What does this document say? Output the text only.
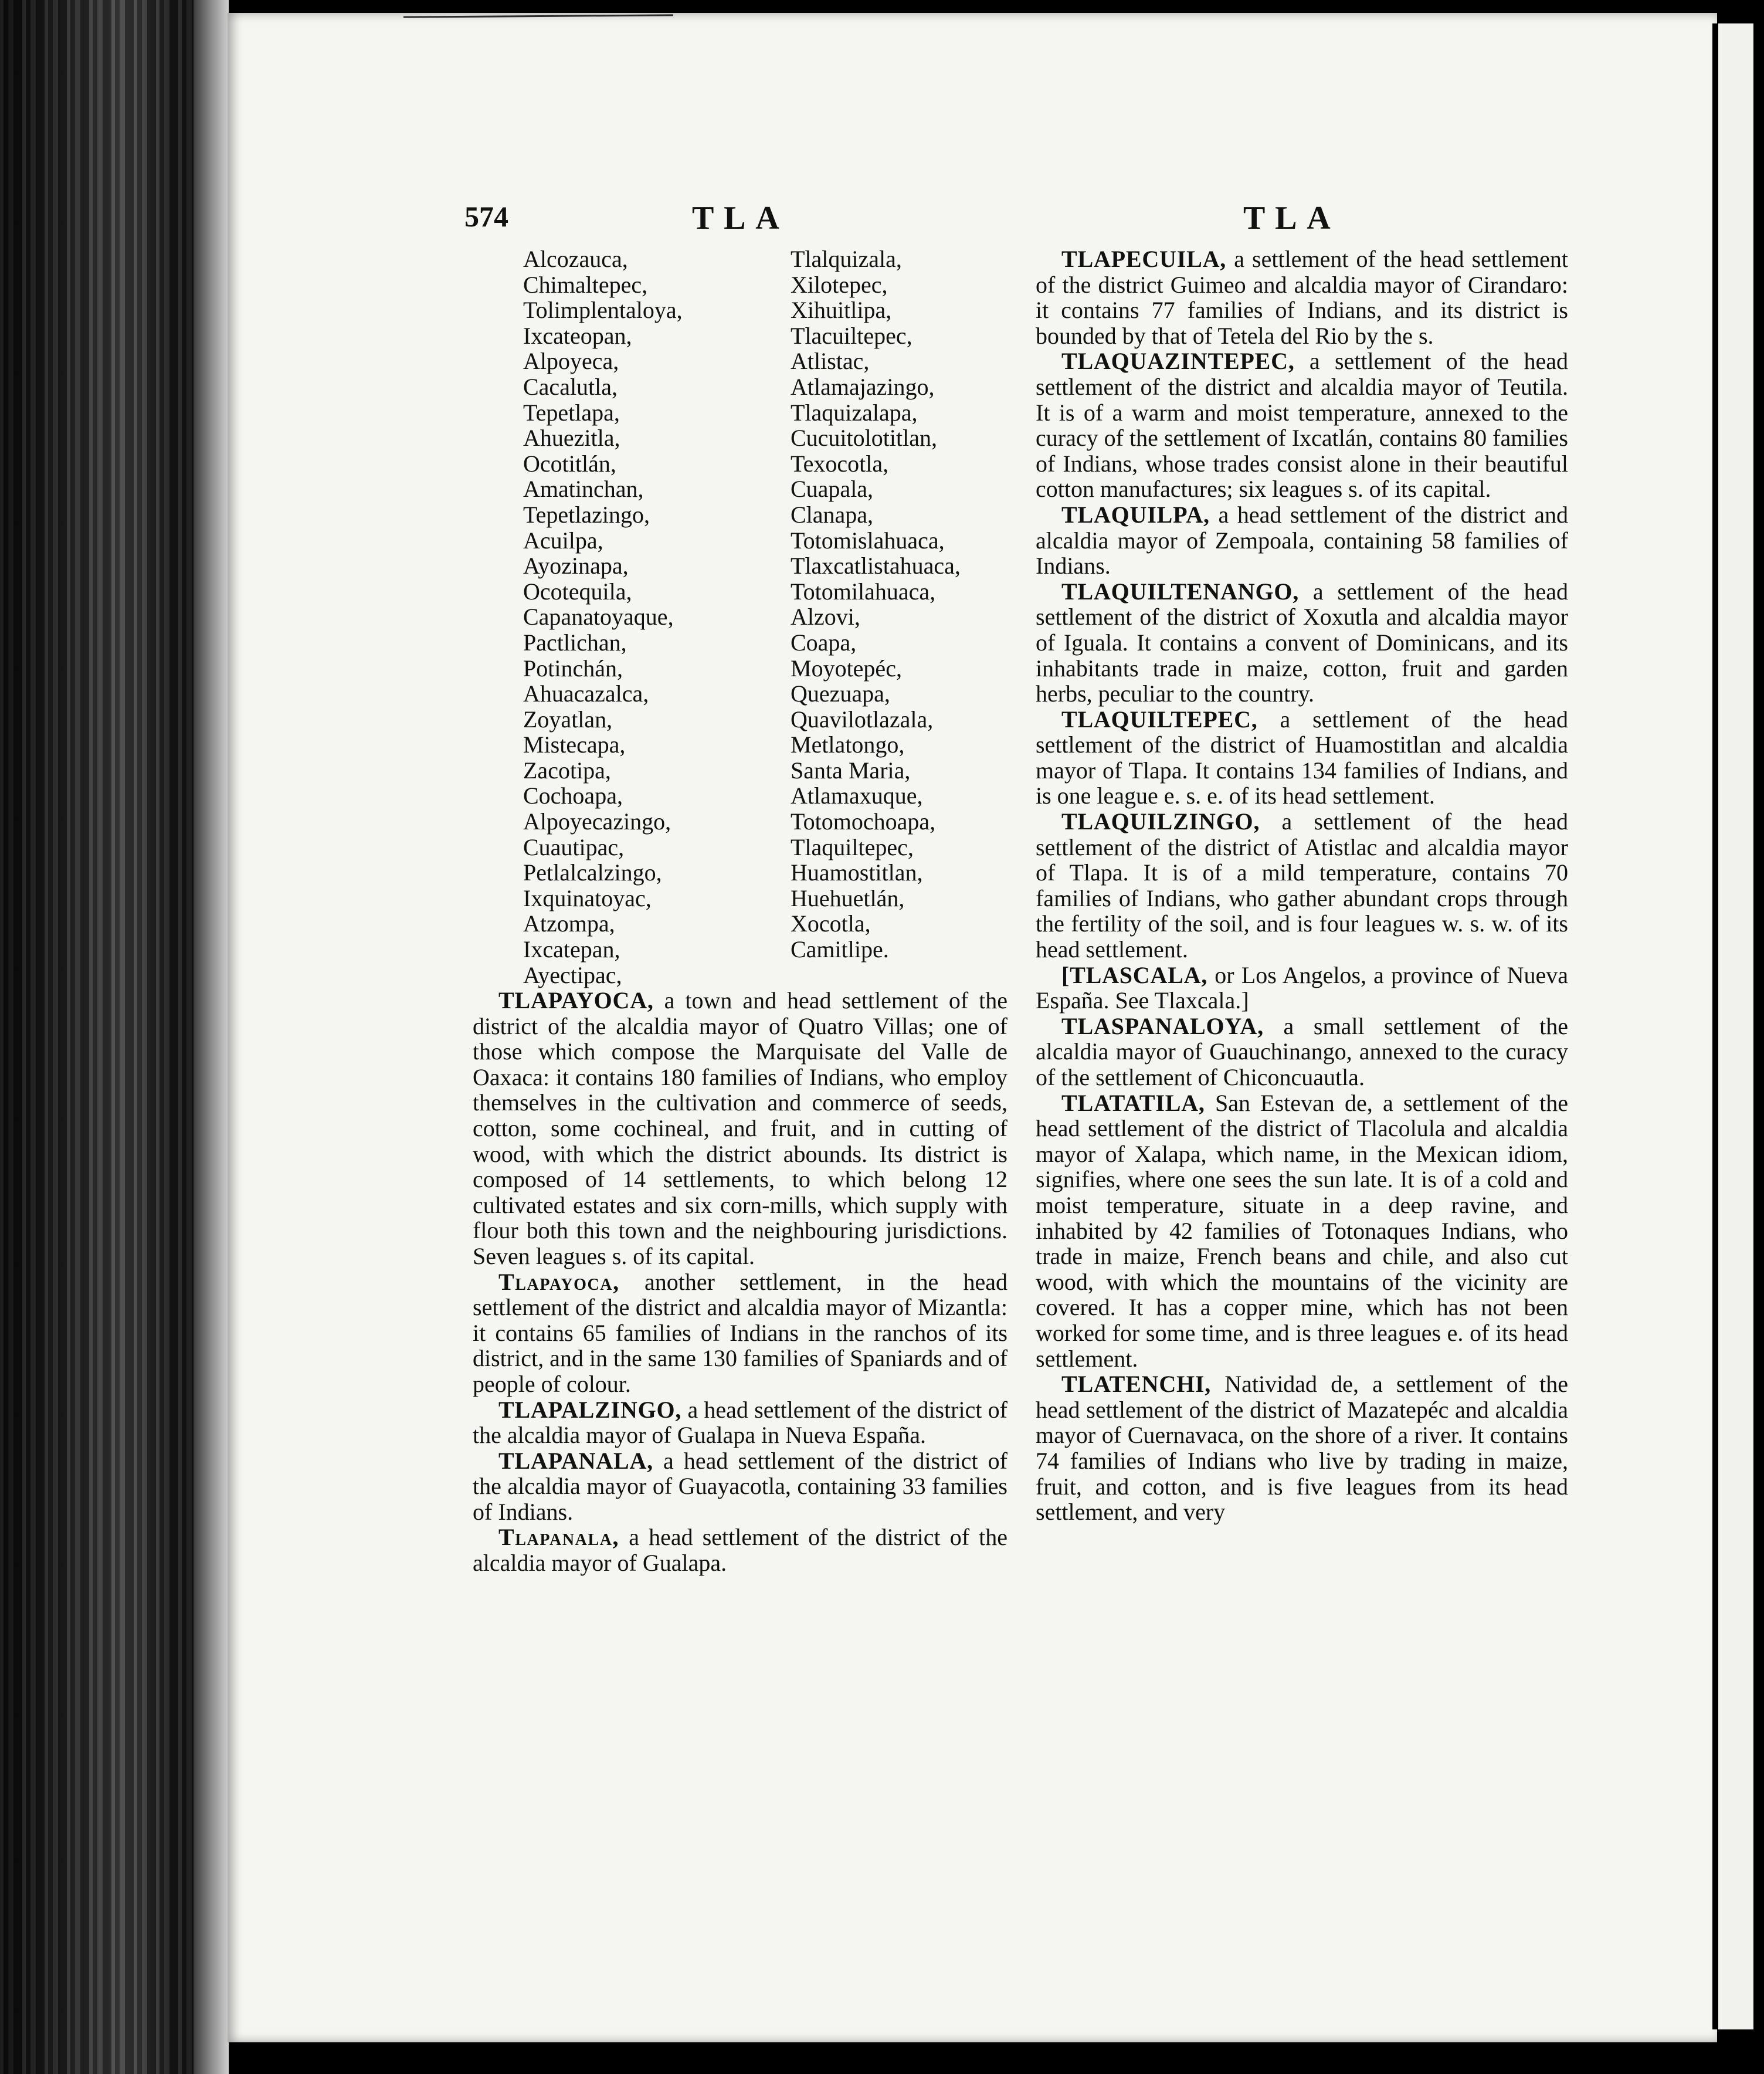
574	TLA	TLA
Alcozauca,
Chimaltepec,
Tolimplentaloya,
Ixcateopan,
Alpoyeca,
Cacalutla,
Tepetlapa,
Ahuezitla,
Ocotitlán,
Amatinchan,
Tepetlazingo,
Acuilpa,
Ayozinapa,
Ocotequila,
Capanatoyaque,
Pactlichan,
Potinchán,
Ahuacazalca,
Zoyatlan,
Mistecapa,
Zacotipa,
Cochoapa,
Alpoyecazingo,
Cuautipac,
Petlalcalzingo,
Ixquinatoyac,
Atzompa,
Ixcatepan,
Ayectipac,
Tlalquizala,
Xilotepec,
Xihuitlipa,
Tlacuiltepec,
Atlistac,
Atlamajazingo,
Tlaquizalapa,
Cucuitolotitlan,
Texocotla,
Cuapala,
Clanapa,
Totomislahuaca,
Tlaxcatlistahuaca,
Totomilahuaca,
Alzovi,
Coapa,
Moyotepéc,
Quezuapa,
Quavilotlazala,
Metlatongo,
Santa Maria,
Atlamaxuque,
Totomochoapa,
Tlaquiltepec,
Huamostitlan,
Huehuetlán,
Xocotla,
Camitlipe.

TLAPAYOCA, a town and head settlement of the district of the alcaldia mayor of Quatro Villas; one of those which compose the Marquisate del Valle de Oaxaca: it contains 180 families of Indians, who employ themselves in the cultivation and commerce of seeds, cotton, some cochineal, and fruit, and in cutting of wood, with which the district abounds. Its district is composed of 14 settlements, to which belong 12 cultivated estates and six corn-mills, which supply with flour both this town and the neighbouring jurisdictions. Seven leagues s. of its capital.

Tlapayoca, another settlement, in the head settlement of the district and alcaldia mayor of Mizantla: it contains 65 families of Indians in the ranchos of its district, and in the same 130 families of Spaniards and of people of colour.

TLAPALZINGO, a head settlement of the district of the alcaldia mayor of Gualapa in Nueva España.

TLAPANALA, a head settlement of the district of the alcaldia mayor of Guayacotla, containing 33 families of Indians.

Tlapanala, a head settlement of the district of the alcaldia mayor of Gualapa.

TLAPECUILA, a settlement of the head settlement of the district Guimeo and alcaldia mayor of Cirandaro: it contains 77 families of Indians, and its district is bounded by that of Tetela del Rio by the s.

TLAQUAZINTEPEC, a settlement of the head settlement of the district and alcaldia mayor of Teutila. It is of a warm and moist temperature, annexed to the curacy of the settlement of Ixcatlán, contains 80 families of Indians, whose trades consist alone in their beautiful cotton manufactures; six leagues s. of its capital.

TLAQUILPA, a head settlement of the district and alcaldia mayor of Zempoala, containing 58 families of Indians.

TLAQUILTENANGO, a settlement of the head settlement of the district of Xoxutla and alcaldia mayor of Iguala. It contains a convent of Dominicans, and its inhabitants trade in maize, cotton, fruit and garden herbs, peculiar to the country.

TLAQUILTEPEC, a settlement of the head settlement of the district of Huamostitlan and alcaldia mayor of Tlapa. It contains 134 families of Indians, and is one league e. s. e. of its head settlement.

TLAQUILZINGO, a settlement of the head settlement of the district of Atistlac and alcaldia mayor of Tlapa. It is of a mild temperature, contains 70 families of Indians, who gather abundant crops through the fertility of the soil, and is four leagues w. s. w. of its head settlement.

[TLASCALA, or Los Angelos, a province of Nueva España. See Tlaxcala.]

TLASPANALOYA, a small settlement of the alcaldia mayor of Guauchinango, annexed to the curacy of the settlement of Chiconcuautla.

TLATATILA, San Estevan de, a settlement of the head settlement of the district of Tlacolula and alcaldia mayor of Xalapa, which name, in the Mexican idiom, signifies, where one sees the sun late. It is of a cold and moist temperature, situate in a deep ravine, and inhabited by 42 families of Totonaques Indians, who trade in maize, French beans and chile, and also cut wood, with which the mountains of the vicinity are covered. It has a copper mine, which has not been worked for some time, and is three leagues e. of its head settlement.

TLATENCHI, Natividad de, a settlement of the head settlement of the district of Mazatepéc and alcaldia mayor of Cuernavaca, on the shore of a river. It contains 74 families of Indians who live by trading in maize, fruit, and cotton, and is five leagues from its head settlement, and very
